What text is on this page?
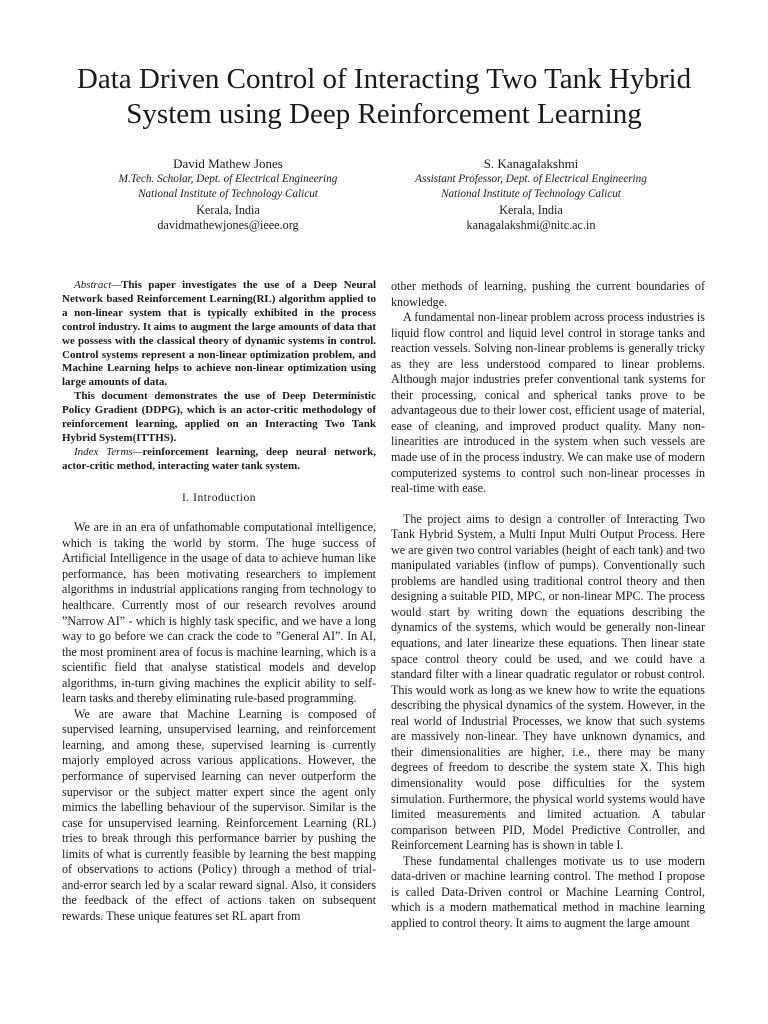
Data Driven Control of Interacting Two Tank Hybrid System using Deep Reinforcement Learning
David Mathew Jones
M.Tech. Scholar, Dept. of Electrical Engineering
National Institute of Technology Calicut
Kerala, India
davidmathewjones@ieee.org
S. Kanagalakshmi
Assistant Professor, Dept. of Electrical Engineering
National Institute of Technology Calicut
Kerala, India
kanagalakshmi@nitc.ac.in

Abstract—This paper investigates the use of a Deep Neural Network based Reinforcement Learning(RL) algorithm applied to a non-linear system that is typically exhibited in the process control industry. It aims to augment the large amounts of data that we possess with the classical theory of dynamic systems in control. Control systems represent a non-linear optimization problem, and Machine Learning helps to achieve non-linear optimization using large amounts of data.

This document demonstrates the use of Deep Deterministic Policy Gradient (DDPG), which is an actor-critic methodology of reinforcement learning, applied on an Interacting Two Tank Hybrid System(ITTHS).

Index Terms—reinforcement learning, deep neural network, actor-critic method, interacting water tank system.

I. Introduction

We are in an era of unfathomable computational intelligence, which is taking the world by storm. The huge success of Artificial Intelligence in the usage of data to achieve human like performance, has been motivating researchers to implement algorithms in industrial applications ranging from technology to healthcare. Currently most of our research revolves around ”Narrow AI” - which is highly task specific, and we have a long way to go before we can crack the code to ”General AI”. In AI, the most prominent area of focus is machine learning, which is a scientific field that analyse statistical models and develop algorithms, in-turn giving machines the explicit ability to self-learn tasks and thereby eliminating rule-based programming.

We are aware that Machine Learning is composed of supervised learning, unsupervised learning, and reinforcement learning, and among these, supervised learning is currently majorly employed across various applications. However, the performance of supervised learning can never outperform the supervisor or the subject matter expert since the agent only mimics the labelling behaviour of the supervisor. Similar is the case for unsupervised learning. Reinforcement Learning (RL) tries to break through this performance barrier by pushing the limits of what is currently feasible by learning the best mapping of observations to actions (Policy) through a method of trial-and-error search led by a scalar reward signal. Also, it considers the feedback of the effect of actions taken on subsequent rewards. These unique features set RL apart from

other methods of learning, pushing the current boundaries of knowledge.

A fundamental non-linear problem across process industries is liquid flow control and liquid level control in storage tanks and reaction vessels. Solving non-linear problems is generally tricky as they are less understood compared to linear problems. Although major industries prefer conventional tank systems for their processing, conical and spherical tanks prove to be advantageous due to their lower cost, efficient usage of material, ease of cleaning, and improved product quality. Many non-linearities are introduced in the system when such vessels are made use of in the process industry. We can make use of modern computerized systems to control such non-linear processes in real-time with ease.

The project aims to design a controller of Interacting Two Tank Hybrid System, a Multi Input Multi Output Process. Here we are given two control variables (height of each tank) and two manipulated variables (inflow of pumps). Conventionally such problems are handled using traditional control theory and then designing a suitable PID, MPC, or non-linear MPC. The process would start by writing down the equations describing the dynamics of the systems, which would be generally non-linear equations, and later linearize these equations. Then linear state space control theory could be used, and we could have a standard filter with a linear quadratic regulator or robust control. This would work as long as we knew how to write the equations describing the physical dynamics of the system. However, in the real world of Industrial Processes, we know that such systems are massively non-linear. They have unknown dynamics, and their dimensionalities are higher, i.e., there may be many degrees of freedom to describe the system state X. This high dimensionality would pose difficulties for the system simulation. Furthermore, the physical world systems would have limited measurements and limited actuation. A tabular comparison between PID, Model Predictive Controller, and Reinforcement Learning has is shown in table I.

These fundamental challenges motivate us to use modern data-driven or machine learning control. The method I propose is called Data-Driven control or Machine Learning Control, which is a modern mathematical method in machine learning applied to control theory. It aims to augment the large amount
